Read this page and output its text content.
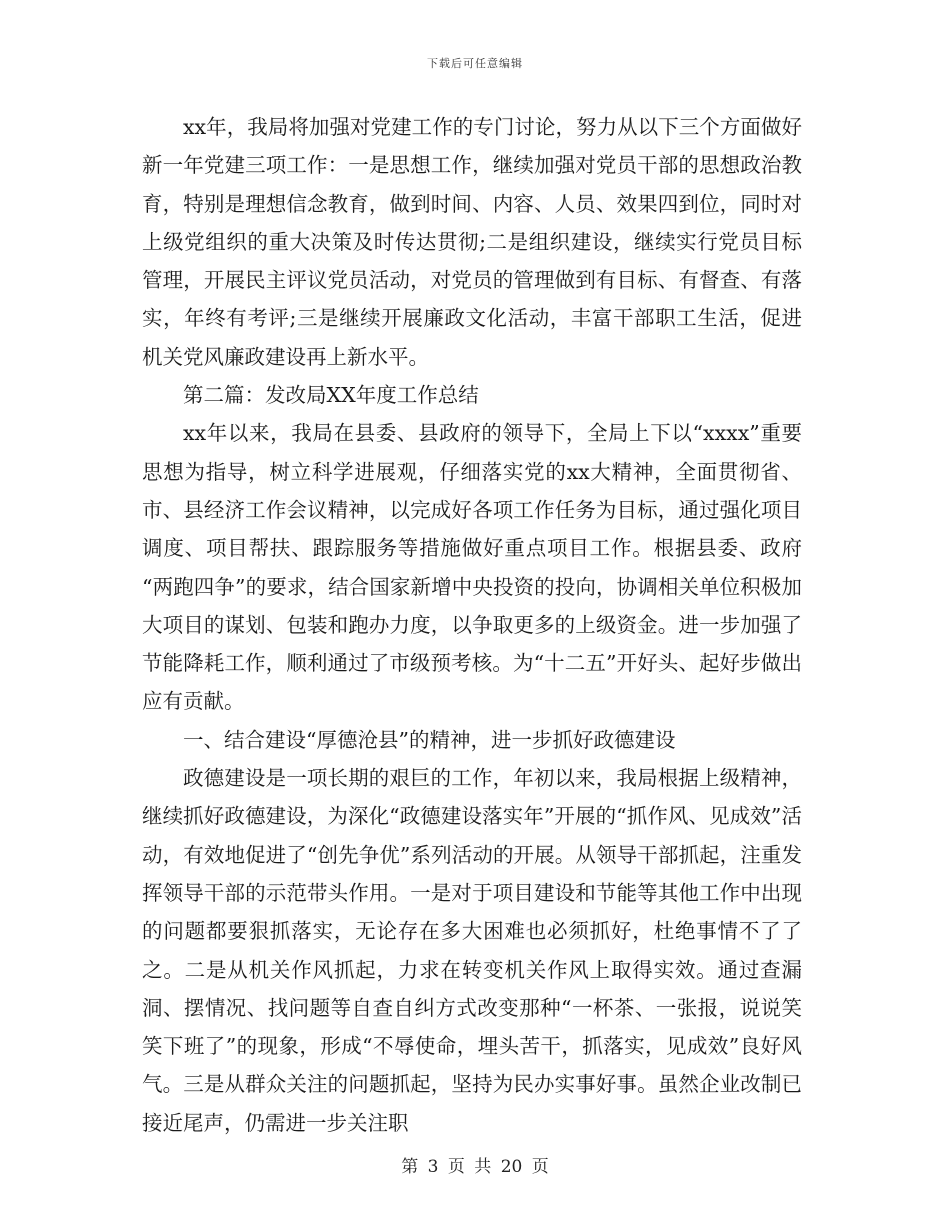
下载后可任意编辑

xx年，我局将加强对党建工作的专门讨论，努力从以下三个方面做好新一年党建三项工作：一是思想工作，继续加强对党员干部的思想政治教育，特别是理想信念教育，做到时间、内容、人员、效果四到位，同时对上级党组织的重大决策及时传达贯彻;二是组织建设，继续实行党员目标管理，开展民主评议党员活动，对党员的管理做到有目标、有督查、有落实，年终有考评;三是继续开展廉政文化活动，丰富干部职工生活，促进机关党风廉政建设再上新水平。

第二篇：发改局XX年度工作总结

xx年以来，我局在县委、县政府的领导下，全局上下以“xxxx”重要思想为指导，树立科学进展观，仔细落实党的xx大精神，全面贯彻省、市、县经济工作会议精神，以完成好各项工作任务为目标，通过强化项目调度、项目帮扶、跟踪服务等措施做好重点项目工作。根据县委、政府 “两跑四争”的要求，结合国家新增中央投资的投向，协调相关单位积极加大项目的谋划、包装和跑办力度，以争取更多的上级资金。进一步加强了节能降耗工作，顺利通过了市级预考核。为“十二五”开好头、起好步做出应有贡献。

一、结合建设“厚德沧县”的精神，进一步抓好政德建设

政德建设是一项长期的艰巨的工作，年初以来，我局根据上级精神，继续抓好政德建设，为深化“政德建设落实年”开展的“抓作风、见成效”活动，有效地促进了“创先争优”系列活动的开展。从领导干部抓起，注重发挥领导干部的示范带头作用。一是对于项目建设和节能等其他工作中出现的问题都要狠抓落实，无论存在多大困难也必须抓好，杜绝事情不了了之。二是从机关作风抓起，力求在转变机关作风上取得实效。通过查漏洞、摆情况、找问题等自查自纠方式改变那种“一杯茶、一张报，说说笑笑下班了”的现象，形成“不辱使命，埋头苦干，抓落实，见成效”良好风气。三是从群众关注的问题抓起，坚持为民办实事好事。虽然企业改制已接近尾声，仍需进一步关注职

第 3 页 共 20 页
